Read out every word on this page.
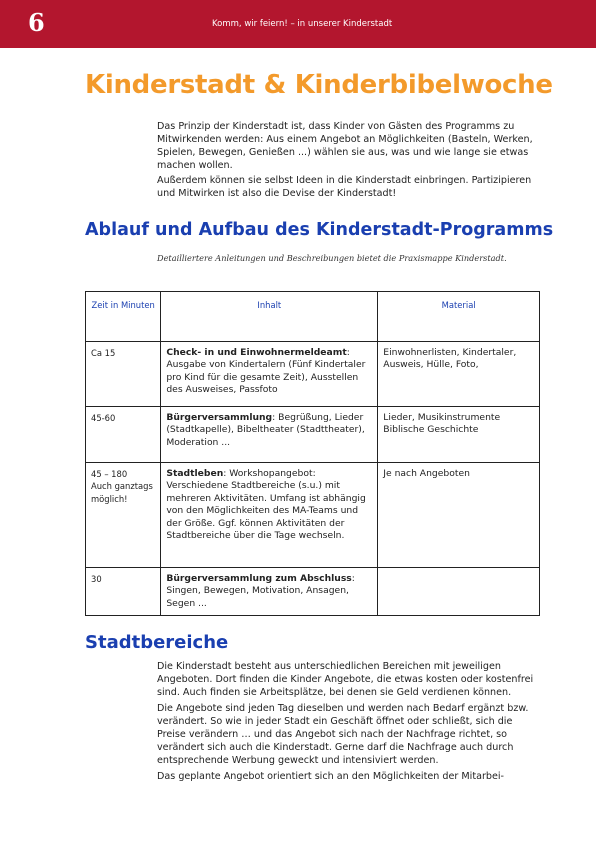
6	Komm, wir feiern! – in unserer Kinderstadt
Kinderstadt & Kinderbibelwoche

Das Prinzip der Kinderstadt ist, dass Kinder von Gästen des Programms zu Mitwirkenden werden: Aus einem Angebot an Möglichkeiten (Basteln, Werken, Spielen, Bewegen, Genießen ...) wählen sie aus, was und wie lange sie etwas machen wollen.

Außerdem können sie selbst Ideen in die Kinderstadt einbringen. Partizipieren und Mitwirken ist also die Devise der Kinderstadt!

Ablauf und Aufbau des Kinderstadt-Programms
Detailliertere Anleitungen und Beschreibungen bietet die Praxismappe Kinderstadt.
Zeit in Minuten	Inhalt	Material
Ca 15	Check- in und Einwohnermeldeamt: Ausgabe von Kindertalern (Fünf Kindertaler pro Kind für die gesamte Zeit), Ausstellen des Ausweises, Passfoto	Einwohnerlisten, Kindertaler, Ausweis, Hülle, Foto,
45-60	Bürgerversammlung: Begrüßung, Lieder (Stadtkapelle), Bibeltheater (Stadttheater), Moderation ...	Lieder, Musikinstrumente Biblische Geschichte

45 – 180
Auch ganztags möglich!	Stadtleben: Workshopangebot: Verschiedene Stadtbereiche (s.u.) mit mehreren Aktivitäten. Umfang ist abhängig von den Möglichkeiten des MA-Teams und der Größe. Ggf. können Aktivitäten der Stadtbereiche über die Tage wechseln.	Je nach Angeboten
30	Bürgerversammlung zum Abschluss: Singen, Bewegen, Motivation, Ansagen, Segen ...	
Stadtbereiche

Die Kinderstadt besteht aus unterschiedlichen Bereichen mit jeweiligen Angeboten. Dort finden die Kinder Angebote, die etwas kosten oder kostenfrei sind. Auch finden sie Arbeitsplätze, bei denen sie Geld verdienen können.

Die Angebote sind jeden Tag dieselben und werden nach Bedarf ergänzt bzw. verändert. So wie in jeder Stadt ein Geschäft öffnet oder schließt, sich die Preise verändern … und das Angebot sich nach der Nachfrage richtet, so verändert sich auch die Kinderstadt. Gerne darf die Nachfrage auch durch entsprechende Werbung geweckt und intensiviert werden.

Das geplante Angebot orientiert sich an den Möglichkeiten der Mitarbei-
